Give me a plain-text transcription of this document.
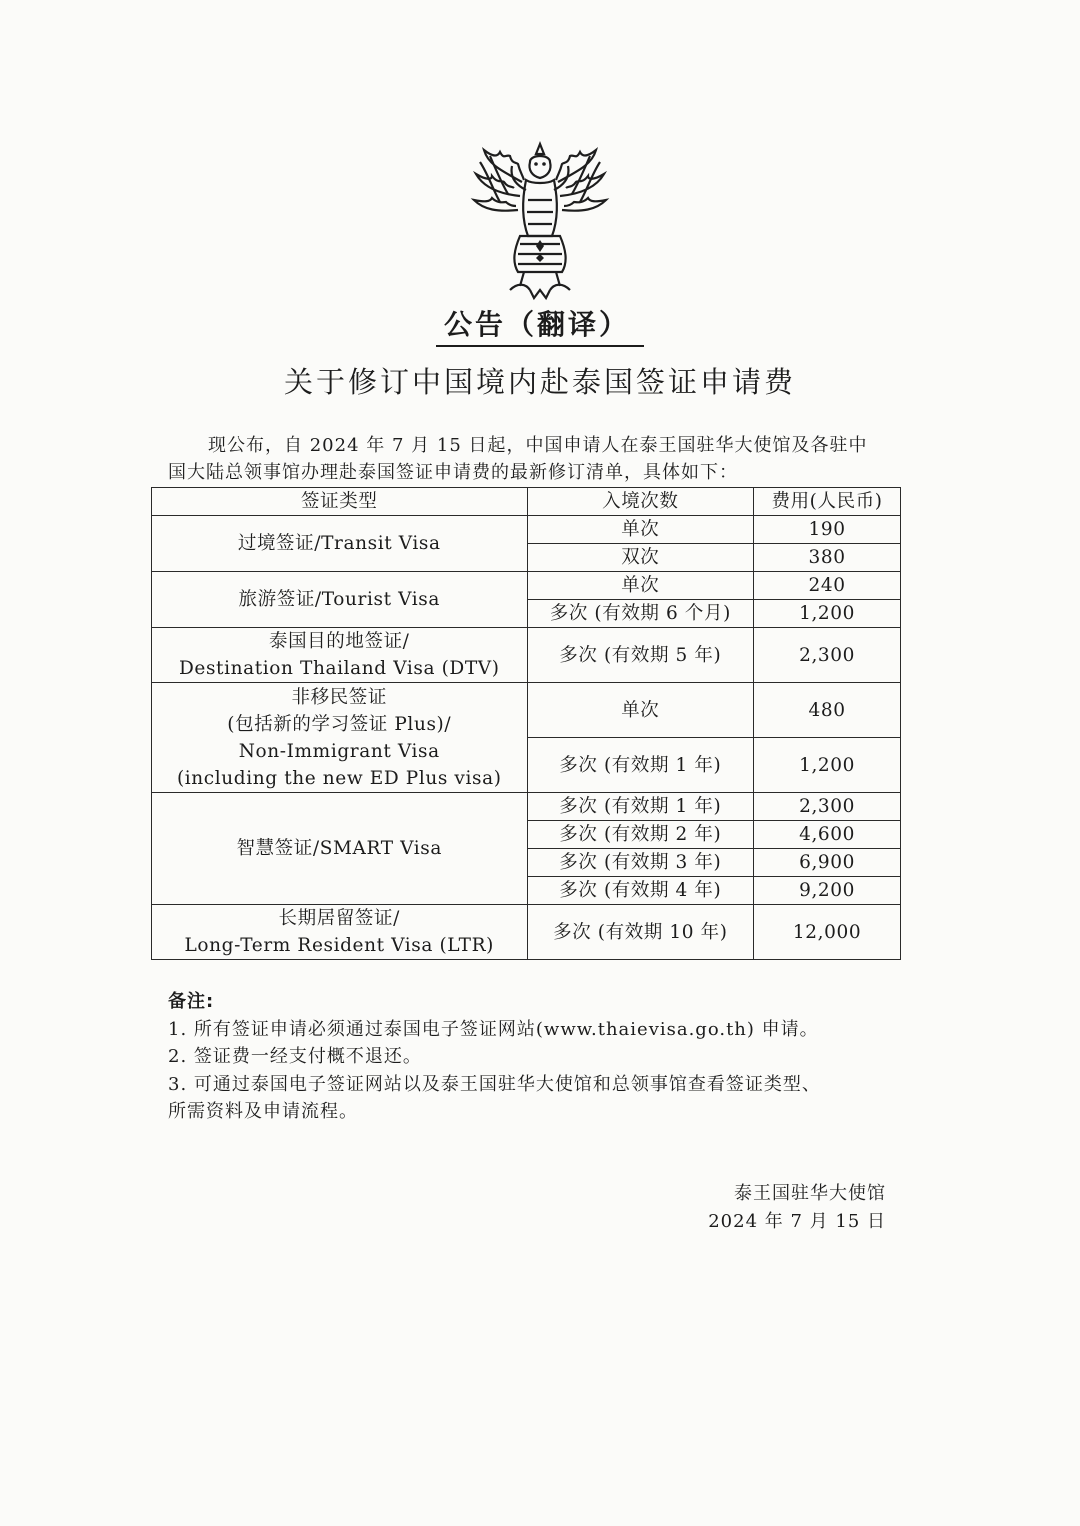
公告（翻译）
关于修订中国境内赴泰国签证申请费

现公布，自 2024 年 7 月 15 日起，中国申请人在泰王国驻华大使馆及各驻中

国大陆总领事馆办理赴泰国签证申请费的最新修订清单，具体如下：
签证类型	入境次数	费用(人民币)
过境签证/Transit Visa	单次	190
	双次	380
旅游签证/Tourist Visa	单次	240
	多次 (有效期 6 个月)	1,200

泰国目的地签证/
Destination Thailand Visa (DTV)	多次 (有效期 5 年)	2,300

非移民签证
(包括新的学习签证 Plus)/
Non-Immigrant Visa
(including the new ED Plus visa)	单次	480
	多次 (有效期 1 年)	1,200
智慧签证/SMART Visa	多次 (有效期 1 年)	2,300
	多次 (有效期 2 年)	4,600
	多次 (有效期 3 年)	6,900
	多次 (有效期 4 年)	9,200

长期居留签证/
Long-Term Resident Visa (LTR)	多次 (有效期 10 年)	12,000
备注:
1. 所有签证申请必须通过泰国电子签证网站(www.thaievisa.go.th) 申请。
2. 签证费一经支付概不退还。
3. 可通过泰国电子签证网站以及泰王国驻华大使馆和总领事馆查看签证类型、
所需资料及申请流程。
泰王国驻华大使馆
2024 年 7 月 15 日
